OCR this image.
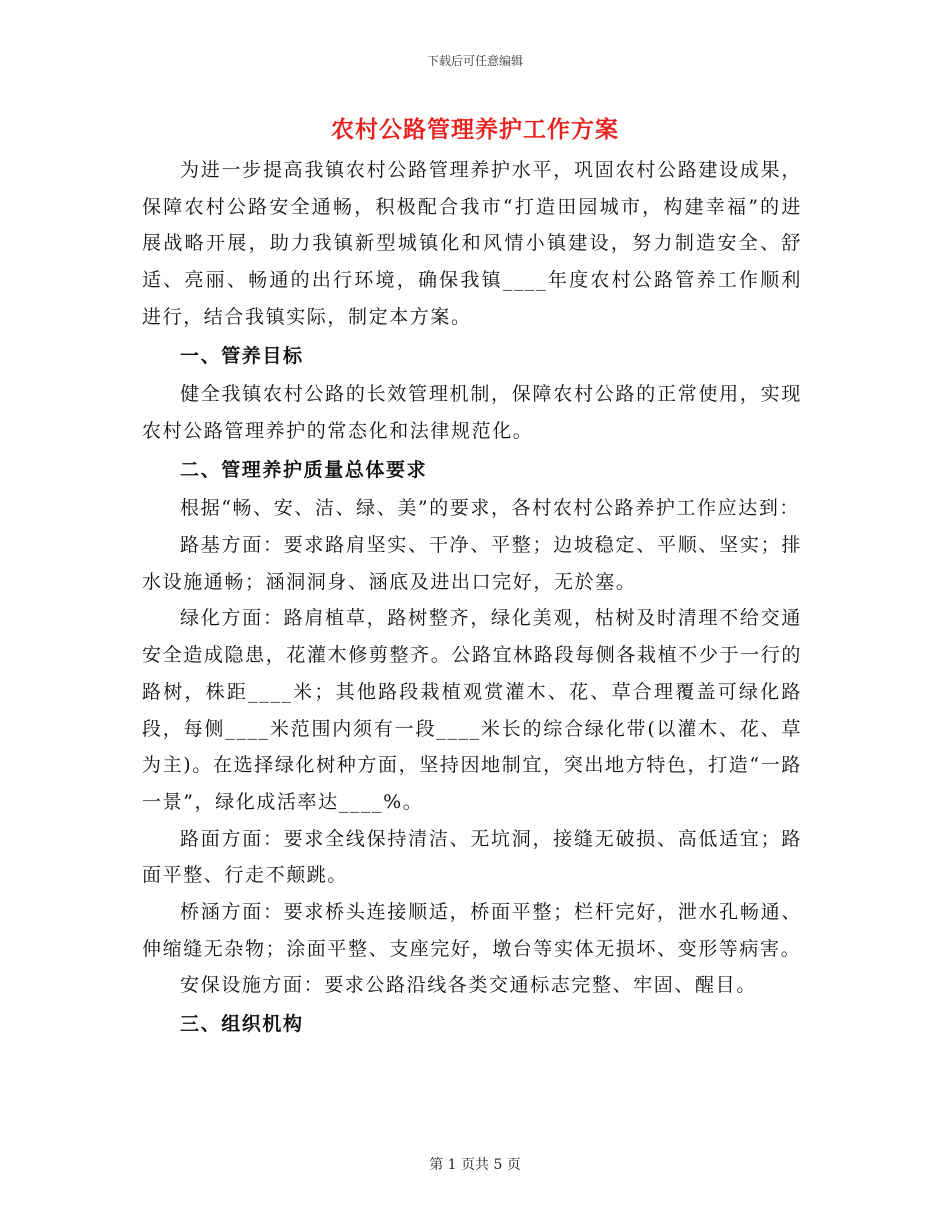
下载后可任意编辑
农村公路管理养护工作方案

为进一步提高我镇农村公路管理养护水平，巩固农村公路建设成果，保障农村公路安全通畅，积极配合我市“打造田园城市，构建幸福”的进展战略开展，助力我镇新型城镇化和风情小镇建设，努力制造安全、舒适、亮丽、畅通的出行环境，确保我镇____年度农村公路管养工作顺利进行，结合我镇实际，制定本方案。

一、管养目标

健全我镇农村公路的长效管理机制，保障农村公路的正常使用，实现农村公路管理养护的常态化和法律规范化。

二、管理养护质量总体要求

根据“畅、安、洁、绿、美”的要求，各村农村公路养护工作应达到：

路基方面：要求路肩坚实、干净、平整；边坡稳定、平顺、坚实；排水设施通畅；涵洞洞身、涵底及进出口完好，无於塞。

绿化方面：路肩植草，路树整齐，绿化美观，枯树及时清理不给交通安全造成隐患，花灌木修剪整齐。公路宜林路段每侧各栽植不少于一行的路树，株距____米；其他路段栽植观赏灌木、花、草合理覆盖可绿化路段，每侧____米范围内须有一段____米长的综合绿化带(以灌木、花、草为主)。在选择绿化树种方面，坚持因地制宜，突出地方特色，打造“一路一景”，绿化成活率达____%。

路面方面：要求全线保持清洁、无坑洞，接缝无破损、高低适宜；路面平整、行走不颠跳。

桥涵方面：要求桥头连接顺适，桥面平整；栏杆完好，泄水孔畅通、伸缩缝无杂物；涂面平整、支座完好，墩台等实体无损坏、变形等病害。

安保设施方面：要求公路沿线各类交通标志完整、牢固、醒目。

三、组织机构

第 1 页共 5 页
